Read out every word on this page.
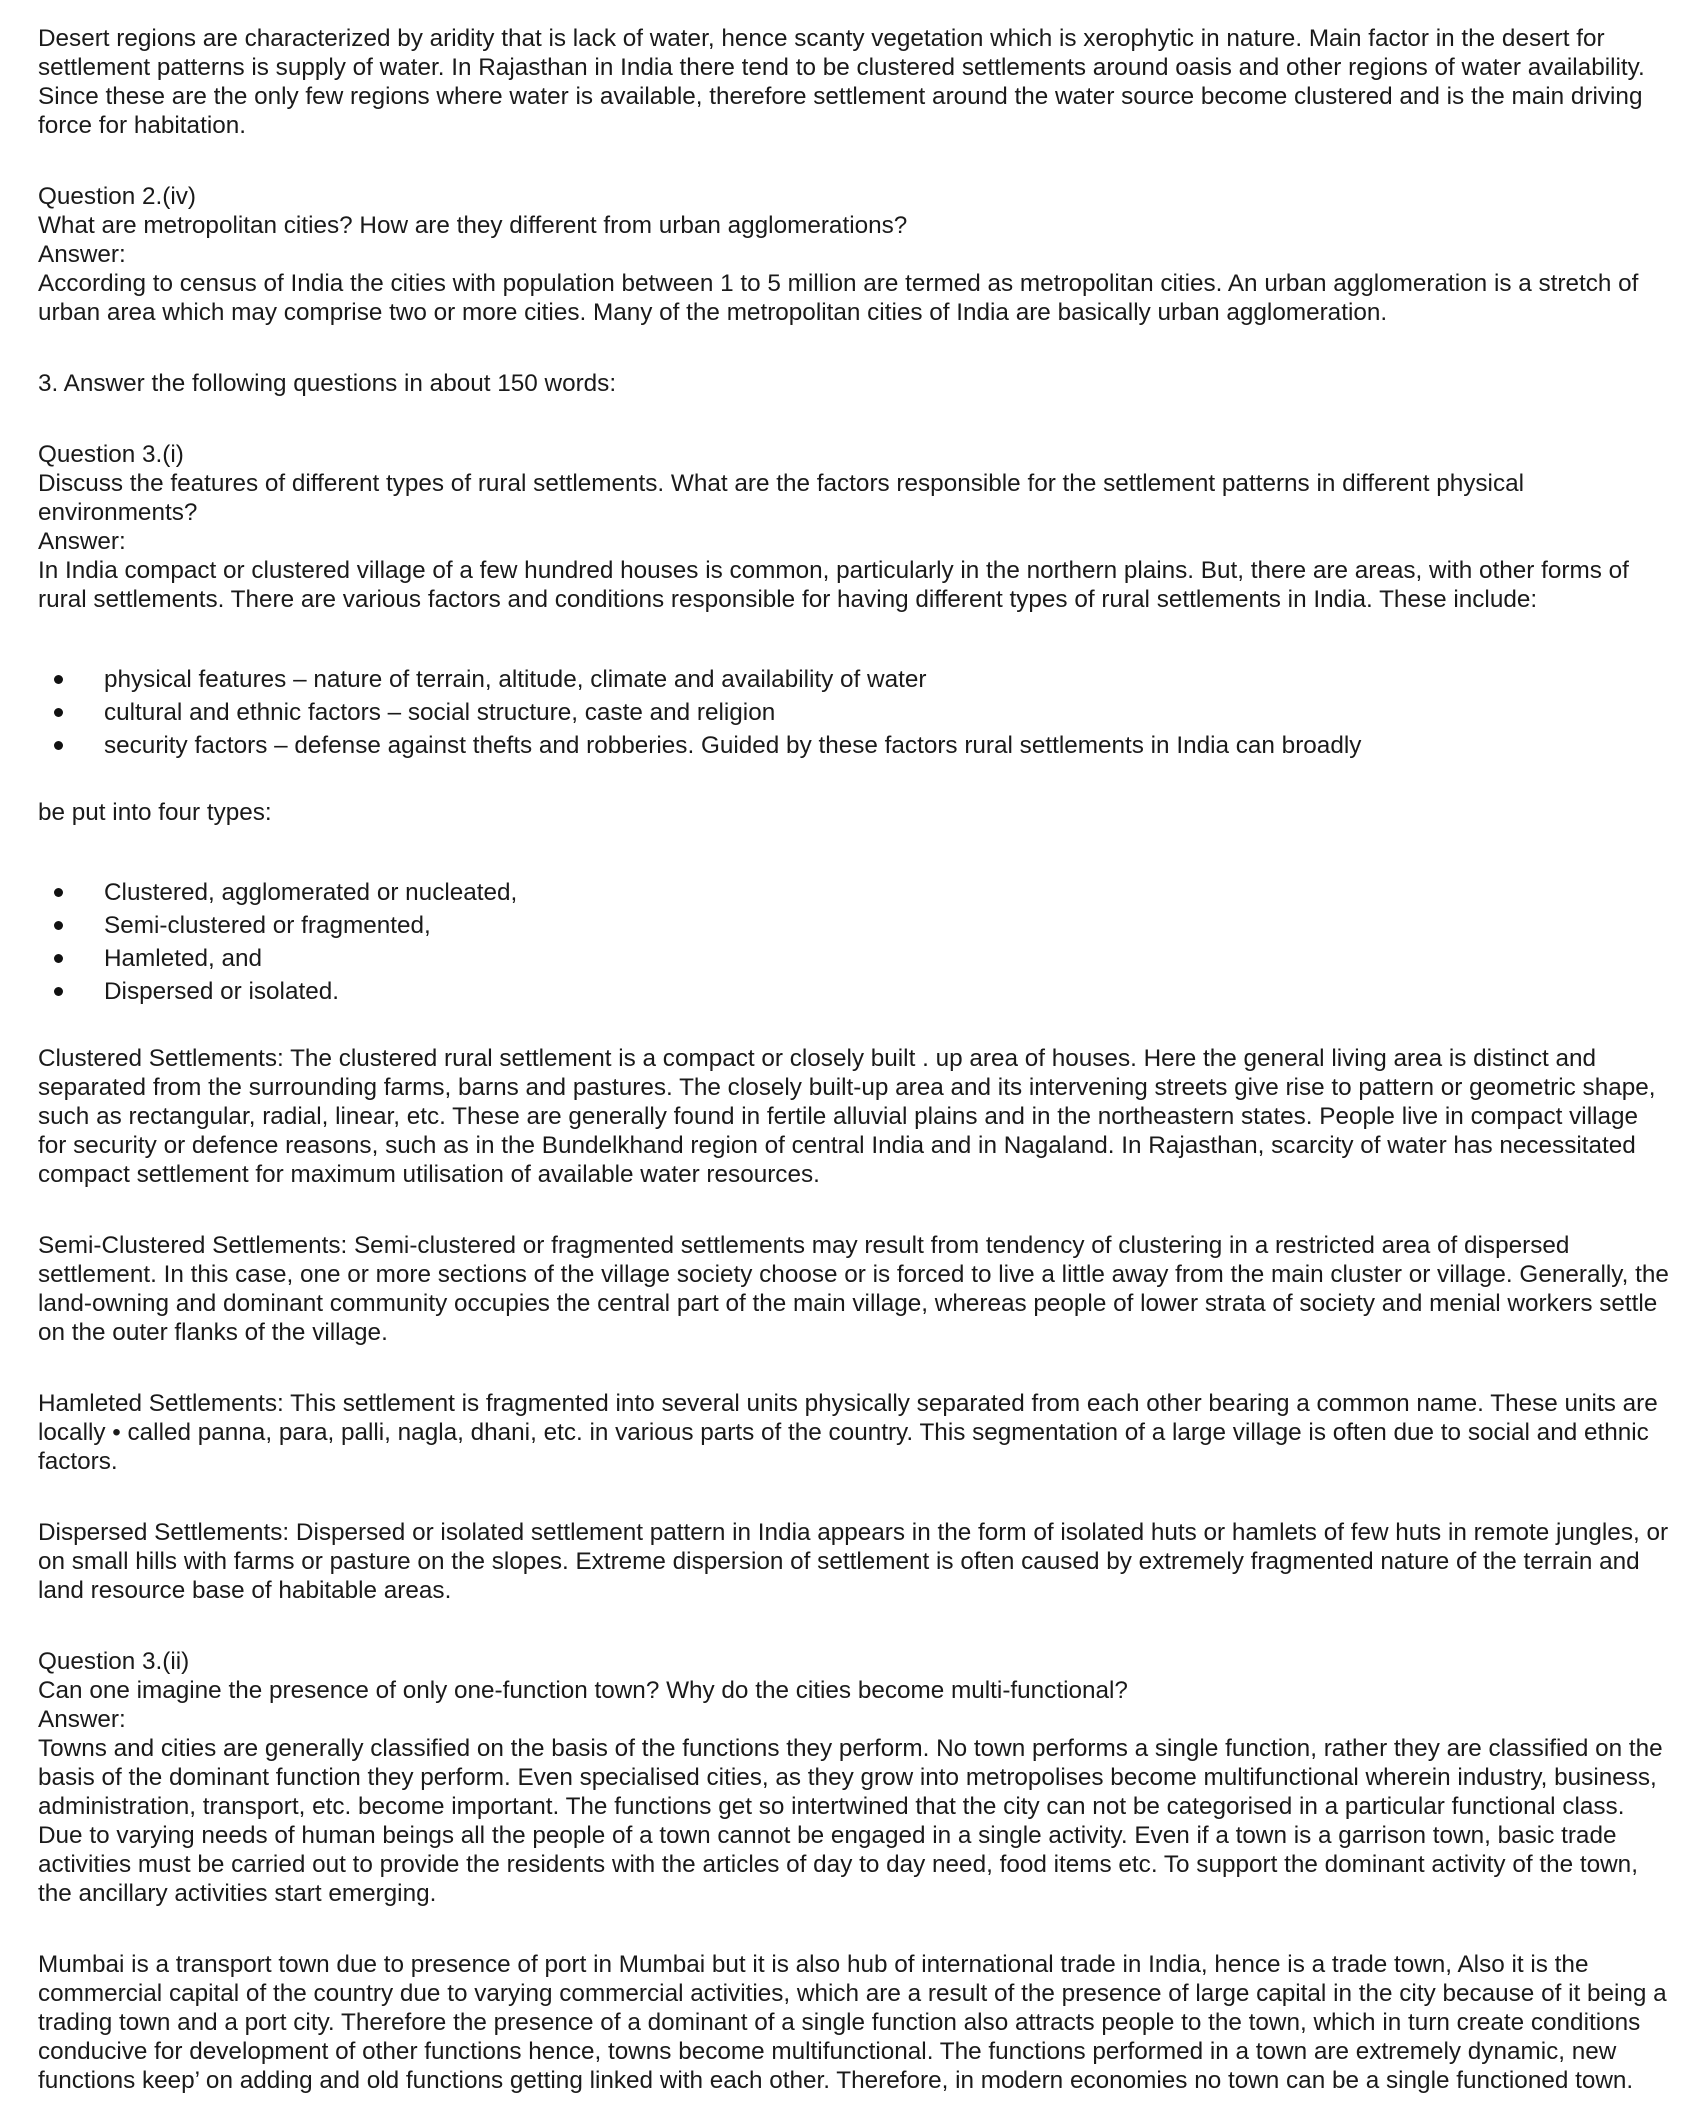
Desert regions are characterized by aridity that is lack of water, hence scanty vegetation which is xerophytic in nature. Main factor in the desert for settlement patterns is supply of water. In Rajasthan in India there tend to be clustered settlements around oasis and other regions of water availability. Since these are the only few regions where water is available, therefore settlement around the water source become clustered and is the main driving force for habitation.

Question 2.(iv)

What are metropolitan cities? How are they different from urban agglomerations?

Answer:

According to census of India the cities with population between 1 to 5 million are termed as metropolitan cities. An urban agglomeration is a stretch of urban area which may comprise two or more cities. Many of the metropolitan cities of India are basically urban agglomeration.

3. Answer the following questions in about 150 words:

Question 3.(i)

Discuss the features of different types of rural settlements. What are the factors responsible for the settlement patterns in different physical environments?

Answer:

In India compact or clustered village of a few hundred houses is common, particularly in the northern plains. But, there are areas, with other forms of rural settlements. There are various factors and conditions responsible for having different types of rural settlements in India. These include:

physical features – nature of terrain, altitude, climate and availability of water
cultural and ethnic factors – social structure, caste and religion
security factors – defense against thefts and robberies. Guided by these factors rural settlements in India can broadly

be put into four types:

Clustered, agglomerated or nucleated,
Semi-clustered or fragmented,
Hamleted, and
Dispersed or isolated.

Clustered Settlements: The clustered rural settlement is a compact or closely built . up area of houses. Here the general living area is distinct and separated from the surrounding farms, barns and pastures. The closely built-up area and its intervening streets give rise to pattern or geometric shape, such as rectangular, radial, linear, etc. These are generally found in fertile alluvial plains and in the northeastern states. People live in compact village for security or defence reasons, such as in the Bundelkhand region of central India and in Nagaland. In Rajasthan, scarcity of water has necessitated compact settlement for maximum utilisation of available water resources.

Semi-Clustered Settlements: Semi-clustered or fragmented settlements may result from tendency of clustering in a restricted area of dispersed settlement. In this case, one or more sections of the village society choose or is forced to live a little away from the main cluster or village. Generally, the land-owning and dominant community occupies the central part of the main village, whereas people of lower strata of society and menial workers settle on the outer flanks of the village.

Hamleted Settlements: This settlement is fragmented into several units physically separated from each other bearing a common name. These units are locally • called panna, para, palli, nagla, dhani, etc. in various parts of the country. This segmentation of a large village is often due to social and ethnic factors.

Dispersed Settlements: Dispersed or isolated settlement pattern in India appears in the form of isolated huts or hamlets of few huts in remote jungles, or on small hills with farms or pasture on the slopes. Extreme dispersion of settlement is often caused by extremely fragmented nature of the terrain and land resource base of habitable areas.

Question 3.(ii)

Can one imagine the presence of only one-function town? Why do the cities become multi-functional?

Answer:

Towns and cities are generally classified on the basis of the functions they perform. No town performs a single function, rather they are classified on the basis of the dominant function they perform. Even specialised cities, as they grow into metropolises become multifunctional wherein industry, business, administration, transport, etc. become important. The functions get so intertwined that the city can not be categorised in a particular functional class. Due to varying needs of human beings all the people of a town cannot be engaged in a single activity. Even if a town is a garrison town, basic trade activities must be carried out to provide the residents with the articles of day to day need, food items etc. To support the dominant activity of the town, the ancillary activities start emerging.

Mumbai is a transport town due to presence of port in Mumbai but it is also hub of international trade in India, hence is a trade town, Also it is the commercial capital of the country due to varying commercial activities, which are a result of the presence of large capital in the city because of it being a trading town and a port city. Therefore the presence of a dominant of a single function also attracts people to the town, which in turn create conditions conducive for development of other functions hence, towns become multifunctional. The functions performed in a town are extremely dynamic, new functions keep’ on adding and old functions getting linked with each other. Therefore, in modern economies no town can be a single functioned town.
